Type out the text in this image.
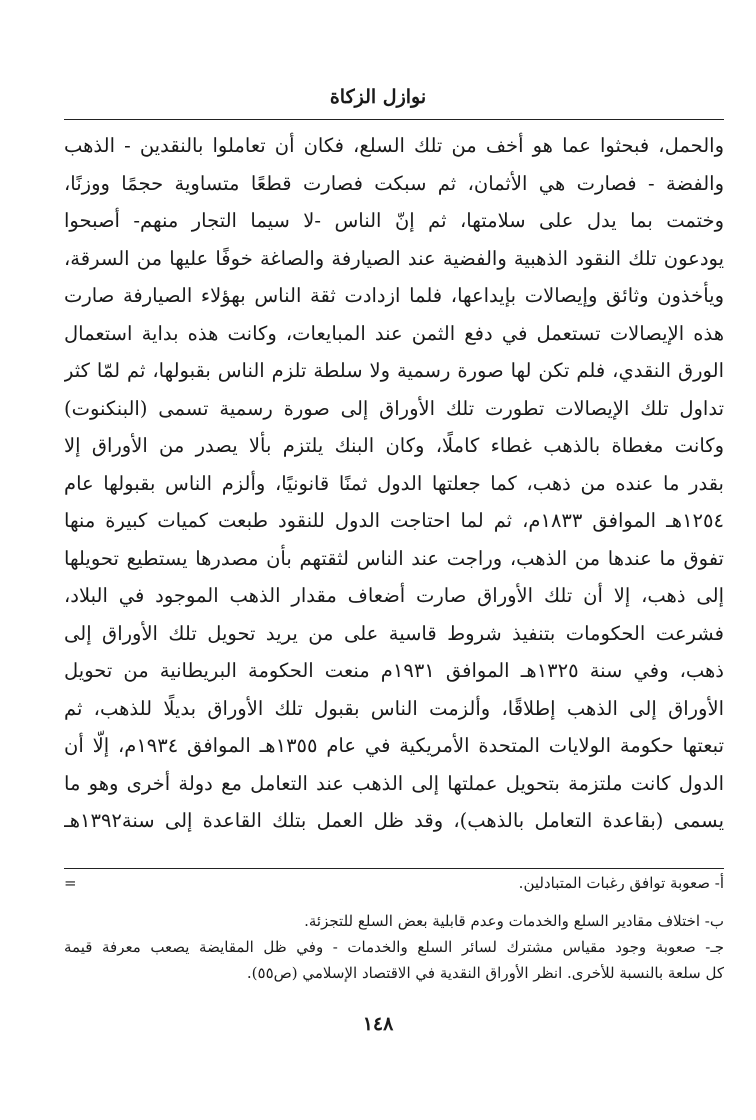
نوازل الزكاة
والحمل، فبحثوا عما هو أخف من تلك السلع، فكان أن تعاملوا بالنقدين - الذهب
والفضة - فصارت هي الأثمان، ثم سبكت فصارت قطعًا متساوية حجمًا ووزنًا،
وختمت بما يدل على سلامتها، ثم إنّ الناس -لا سيما التجار منهم- أصبحوا
يودعون تلك النقود الذهبية والفضية عند الصيارفة والصاغة خوفًا عليها من السرقة،
ويأخذون وثائق وإيصالات بإيداعها، فلما ازدادت ثقة الناس بهؤلاء الصيارفة صارت
هذه الإيصالات تستعمل في دفع الثمن عند المبايعات، وكانت هذه بداية استعمال
الورق النقدي، فلم تكن لها صورة رسمية ولا سلطة تلزم الناس بقبولها، ثم لمّا كثر
تداول تلك الإيصالات تطورت تلك الأوراق إلى صورة رسمية تسمى (البنكنوت)
وكانت مغطاة بالذهب غطاء كاملًا، وكان البنك يلتزم بألا يصدر من الأوراق إلا
بقدر ما عنده من ذهب، كما جعلتها الدول ثمنًا قانونيًا، وألزم الناس بقبولها عام
١٢٥٤هـ الموافق ١٨٣٣م، ثم لما احتاجت الدول للنقود طبعت كميات كبيرة منها
تفوق ما عندها من الذهب، وراجت عند الناس لثقتهم بأن مصدرها يستطيع تحويلها
إلى ذهب، إلا أن تلك الأوراق صارت أضعاف مقدار الذهب الموجود في البلاد،
فشرعت الحكومات بتنفيذ شروط قاسية على من يريد تحويل تلك الأوراق إلى
ذهب، وفي سنة ١٣٢٥هـ الموافق ١٩٣١م منعت الحكومة البريطانية من تحويل
الأوراق إلى الذهب إطلاقًا، وألزمت الناس بقبول تلك الأوراق بديلًا للذهب، ثم
تبعتها حكومة الولايات المتحدة الأمريكية في عام ١٣٥٥هـ الموافق ١٩٣٤م، إلّا أن
الدول كانت ملتزمة بتحويل عملتها إلى الذهب عند التعامل مع دولة أخرى وهو ما
يسمى (بقاعدة التعامل بالذهب)، وقد ظل العمل بتلك القاعدة إلى سنة١٣٩٢هـ
=	أ- صعوبة توافق رغبات المتبادلين.
ب- اختلاف مقادير السلع والخدمات وعدم قابلية بعض السلع للتجزئة.
جـ- صعوبة وجود مقياس مشترك لسائر السلع والخدمات - وفي ظل المقايضة يصعب معرفة قيمة
كل سلعة بالنسبة للأخرى. انظر الأوراق النقدية في الاقتصاد الإسلامي (ص٥٥).
١٤٨
